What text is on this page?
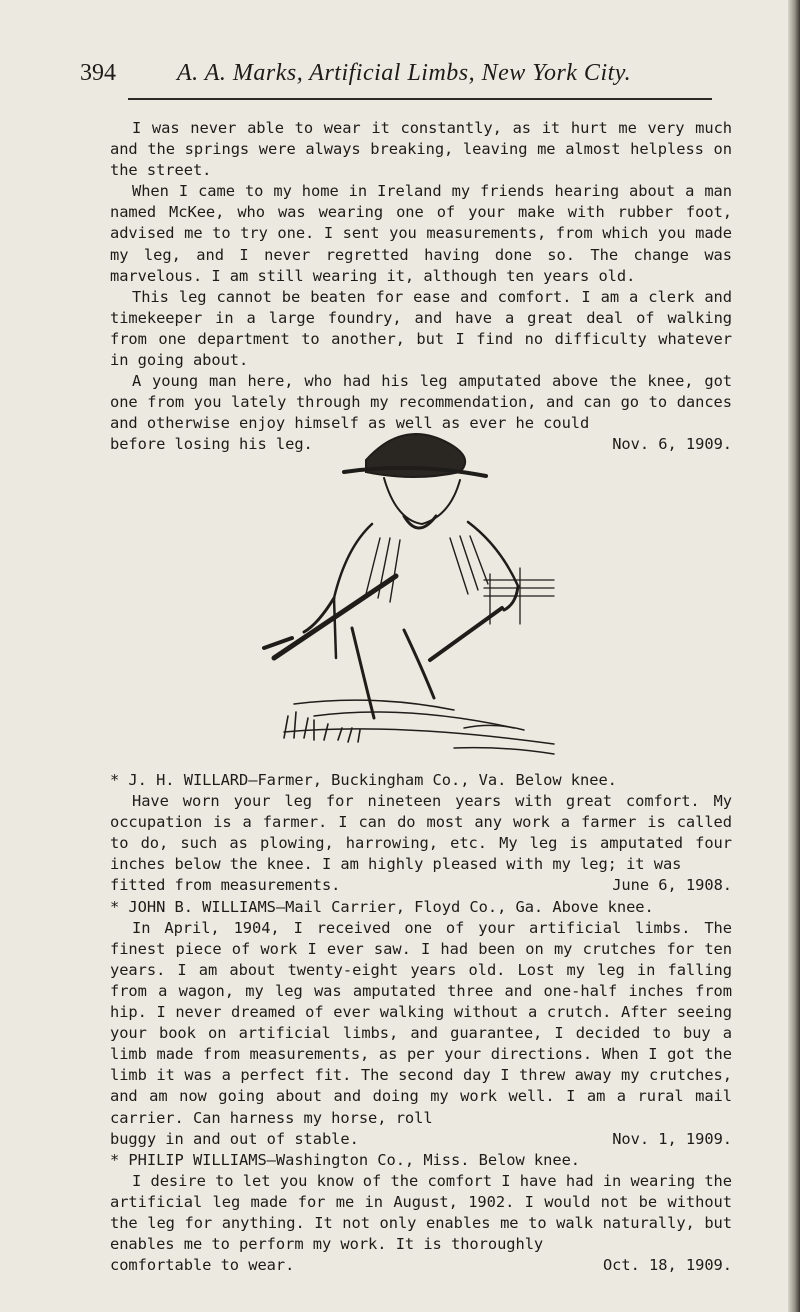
394	A. A. Marks, Artificial Limbs, New York City.

I was never able to wear it constantly, as it hurt me very much and the springs were always breaking, leaving me almost helpless on the street.

When I came to my home in Ireland my friends hearing about a man named McKee, who was wearing one of your make with rubber foot, advised me to try one. I sent you measurements, from which you made my leg, and I never regretted having done so. The change was marvelous. I am still wearing it, although ten years old.

This leg cannot be beaten for ease and comfort. I am a clerk and timekeeper in a large foundry, and have a great deal of walking from one department to another, but I find no difficulty whatever in going about.

A young man here, who had his leg amputated above the knee, got one from you lately through my recommendation, and can go to dances and otherwise enjoy himself as well as ever he could

before losing his leg.	Nov. 6, 1909.

* J. H. WILLARD—Farmer, Buckingham Co., Va. Below knee.

Have worn your leg for nineteen years with great comfort. My occupation is a farmer. I can do most any work a farmer is called to do, such as plowing, harrowing, etc. My leg is amputated four inches below the knee. I am highly pleased with my leg; it was

fitted from measurements.	June 6, 1908.

* JOHN B. WILLIAMS—Mail Carrier, Floyd Co., Ga. Above knee.

In April, 1904, I received one of your artificial limbs. The finest piece of work I ever saw. I had been on my crutches for ten years. I am about twenty-eight years old. Lost my leg in falling from a wagon, my leg was amputated three and one-half inches from hip. I never dreamed of ever walking without a crutch. After seeing your book on artificial limbs, and guarantee, I decided to buy a limb made from measurements, as per your directions. When I got the limb it was a perfect fit. The second day I threw away my crutches, and am now going about and doing my work well. I am a rural mail carrier. Can harness my horse, roll

buggy in and out of stable.	Nov. 1, 1909.

* PHILIP WILLIAMS—Washington Co., Miss. Below knee.

I desire to let you know of the comfort I have had in wearing the artificial leg made for me in August, 1902. I would not be without the leg for anything. It not only enables me to walk naturally, but enables me to perform my work. It is thoroughly

comfortable to wear.	Oct. 18, 1909.
